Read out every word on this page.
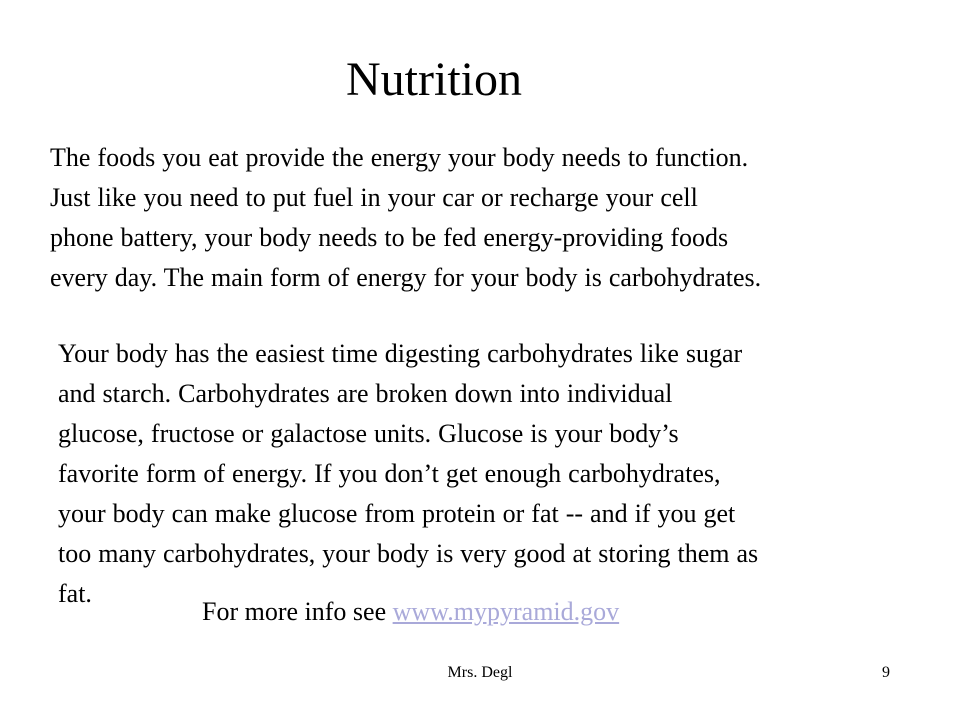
Nutrition
The foods you eat provide the energy your body needs to function.
Just like you need to put fuel in your car or recharge your cell
phone battery, your body needs to be fed energy-providing foods
every day. The main form of energy for your body is carbohydrates.
Your body has the easiest time digesting carbohydrates like sugar
and starch. Carbohydrates are broken down into individual
glucose, fructose or galactose units. Glucose is your body’s
favorite form of energy. If you don’t get enough carbohydrates,
your body can make glucose from protein or fat -- and if you get
too many carbohydrates, your body is very good at storing them as
fat.
For more info see www.mypyramid.gov
Mrs. Degl	9
